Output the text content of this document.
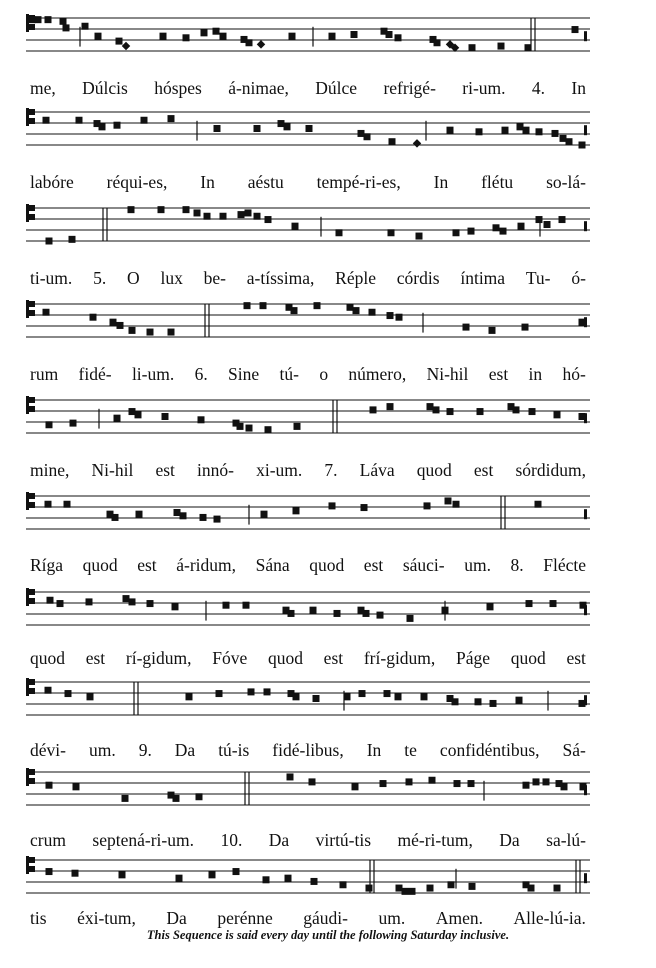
me, Dúlcis hóspes á-nimae, Dúlce refrigé- ri-um. 4. In
labóre réqui-es, In aéstu tempé-ri-es, In flétu so-lá-
ti-um. 5. O lux be- a-tíssima, Réple córdis íntima Tu- ó-
rum fidé- li-um. 6. Sine tú- o número, Ni-hil est in hó-
mine, Ni-hil est innó- xi-um. 7. Láva quod est sórdidum,
Ríga quod est á-ridum, Sána quod est sáuci- um. 8. Flécte
quod est rí-gidum, Fóve quod est frí-gidum, Páge quod est
dévi- um. 9. Da tú-is fidé-libus, In te confidéntibus, Sá-
crum septená-ri-um. 10. Da virtú-tis mé-ri-tum, Da sa-lú-
tis éxi-tum, Da perénne gáudi- um. Amen. Alle-lú-ia.
This Sequence is said every day until the following Saturday inclusive.
